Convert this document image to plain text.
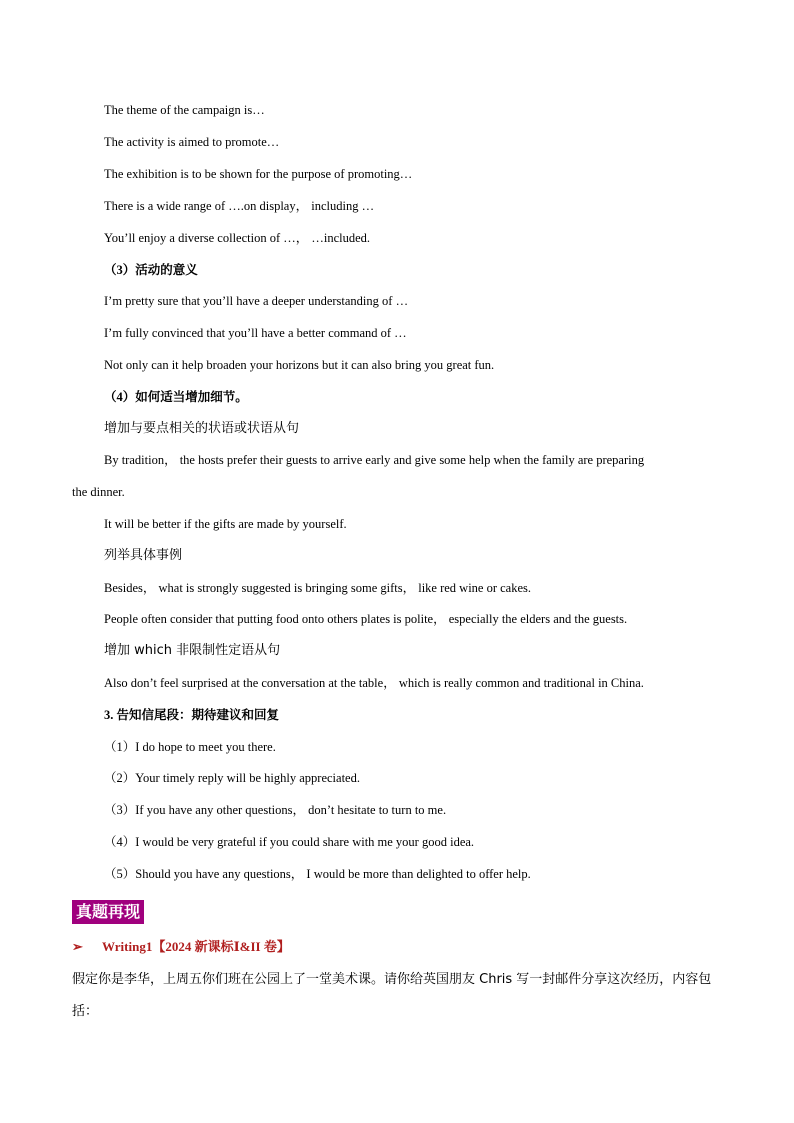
The theme of the campaign is…
The activity is aimed to promote…
The exhibition is to be shown for the purpose of promoting…
There is a wide range of ….on display， including …
You’ll enjoy a diverse collection of …， …included.
（3）活动的意义
I’m pretty sure that you’ll have a deeper understanding of …
I’m fully convinced that you’ll have a better command of …
Not only can it help broaden your horizons but it can also bring you great fun.
（4）如何适当增加细节。
增加与要点相关的状语或状语从句
By tradition， the hosts prefer their guests to arrive early and give some help when the family are preparing
the dinner.
It will be better if the gifts are made by yourself.
列举具体事例
Besides， what is strongly suggested is bringing some gifts， like red wine or cakes.
People often consider that putting food onto others plates is polite， especially the elders and the guests.
增加 which 非限制性定语从句
Also don’t feel surprised at the conversation at the table， which is really common and traditional in China.
3. 告知信尾段：期待建议和回复
（1）I do hope to meet you there.
（2）Your timely reply will be highly appreciated.
（3）If you have any other questions， don’t hesitate to turn to me.
（4）I would be very grateful if you could share with me your good idea.
（5）Should you have any questions， I would be more than delighted to offer help.
真题再现
➢ Writing1【2024 新课标Ⅰ&II 卷】
假定你是李华，上周五你们班在公园上了一堂美术课。请你给英国朋友 Chris 写一封邮件分享这次经历，内容包括：
